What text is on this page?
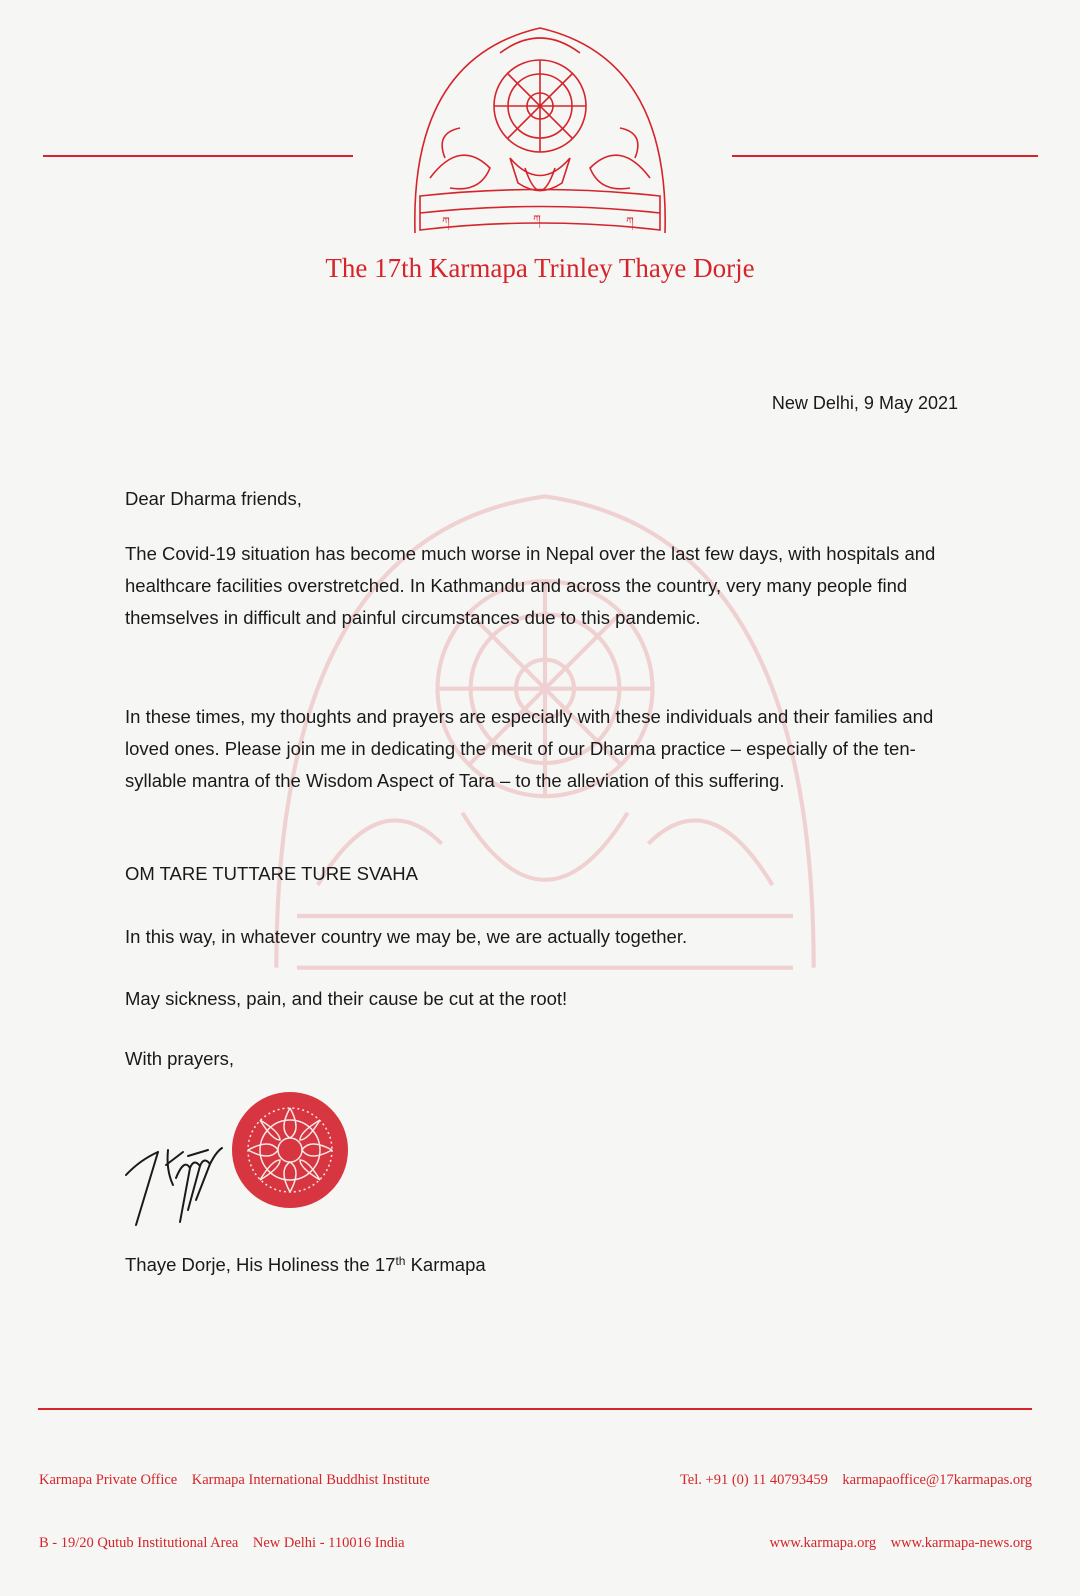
ཀ	ཀ	ཀ
The 17th Karmapa Trinley Thaye Dorje
New Delhi, 9 May 2021

Dear Dharma friends,

The Covid-19 situation has become much worse in Nepal over the last few days, with hospitals and healthcare facilities overstretched. In Kathmandu and across the country, very many people find themselves in difficult and painful circumstances due to this pandemic.

In these times, my thoughts and prayers are especially with these individuals and their families and loved ones. Please join me in dedicating the merit of our Dharma practice – especially of the ten-syllable mantra of the Wisdom Aspect of Tara – to the alleviation of this suffering.

OM TARE TUTTARE TURE SVAHA

In this way, in whatever country we may be, we are actually together.

May sickness, pain, and their cause be cut at the root!

With prayers,

Thaye Dorje, His Holiness the 17th Karmapa

Karmapa Private Office    Karmapa International Buddhist Institute

B - 19/20 Qutub Institutional Area    New Delhi - 110016 India

Tel. +91 (0) 11 40793459    karmapaoffice@17karmapas.org

www.karmapa.org    www.karmapa-news.org
